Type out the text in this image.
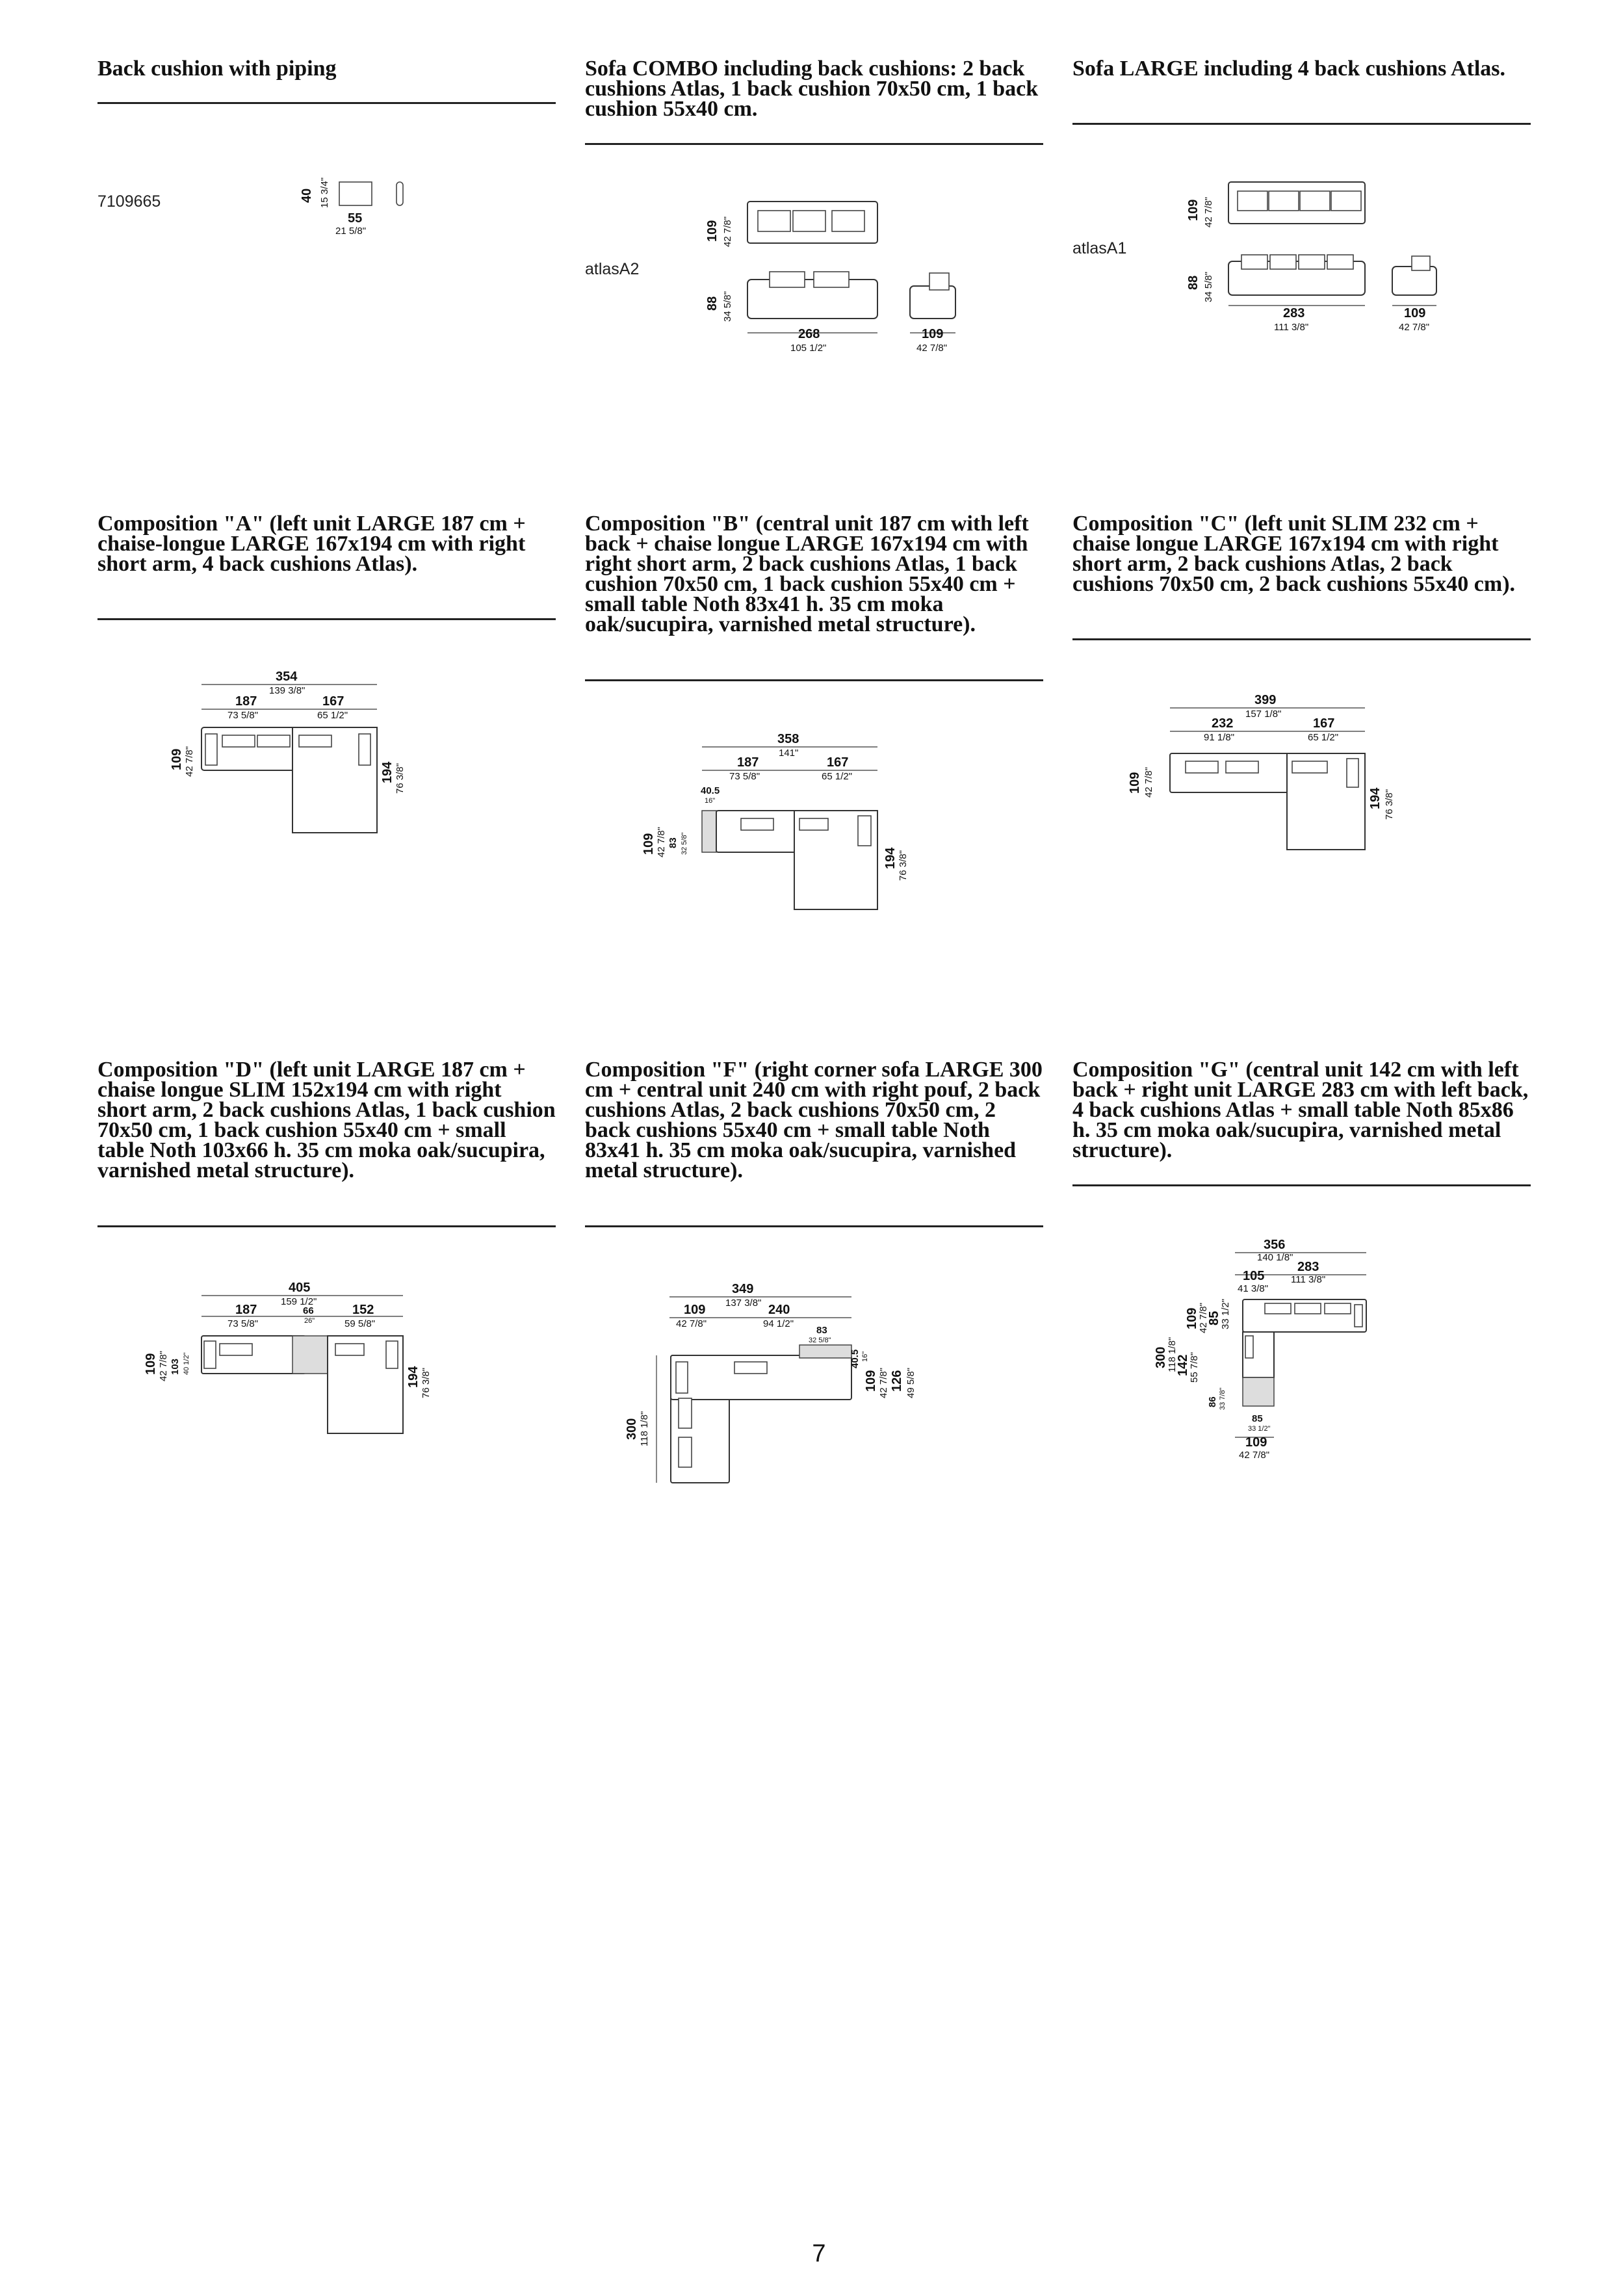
Back cushion with piping

7109665	40 15 3/4"
55
21 5/8"

Sofa COMBO including back cushions: 2 back cushions Atlas, 1 back cushion 70x50 cm, 1 back cushion 55x40 cm.

atlasA2
109 42 7/8"
88 34 5/8"
268
105 1/2"
109
42 7/8"

Sofa LARGE including 4 back cushions Atlas.

atlasA1
109 42 7/8"
88 34 5/8"
283
111 3/8"
109
42 7/8"

Composition "A" (left unit LARGE 187 cm + chaise-longue LARGE 167x194 cm with right short arm, 4 back cushions Atlas).

354
139 3/8"
187
73 5/8"
167
65 1/2"
109 42 7/8"	194 76 3/8"

Composition "B" (central unit 187 cm with left back + chaise longue LARGE 167x194 cm with right short arm, 2 back cushions Atlas, 1 back cushion 70x50 cm, 1 back cushion 55x40 cm + small table Noth 83x41 h. 35 cm moka oak/sucupira, varnished metal structure).

358
141"
187
73 5/8"
167
65 1/2"
40.5
16"
109 42 7/8" 83 32 5/8"
194 76 3/8"

Composition "C" (left unit SLIM 232 cm + chaise longue LARGE 167x194 cm with right short arm, 2 back cushions Atlas, 2 back cushions 70x50 cm, 2 back cushions 55x40 cm).

399
157 1/8"
232
91 1/8"
167
65 1/2"
109 42 7/8"
194 76 3/8"

Composition "D" (left unit LARGE 187 cm + chaise longue SLIM 152x194 cm with right short arm, 2 back cushions Atlas, 1 back cushion 70x50 cm, 1 back cushion 55x40 cm + small table Noth 103x66 h. 35 cm moka oak/sucupira, varnished metal structure).

405
159 1/2"
187
73 5/8"
66
26"
152
59 5/8"
109 42 7/8" 103 40 1/2"
194 76 3/8"

Composition "F" (right corner sofa LARGE 300 cm + central unit 240 cm with right pouf, 2 back cushions Atlas, 2 back cushions 70x50 cm, 2 back cushions 55x40 cm + small table Noth 83x41 h. 35 cm moka oak/sucupira, varnished metal structure).

349
137 3/8"
109
42 7/8"
240
94 1/2"
83
32 5/8"
40.5 16"
109 42 7/8" 126 49 5/8"
300 118 1/8"

Composition "G" (central unit 142 cm with left back + right unit LARGE 283 cm with left back, 4 back cushions Atlas + small table Noth 85x86 h. 35 cm moka oak/sucupira, varnished metal structure).

356
140 1/8"
105
41 3/8"
283
111 3/8"
109
42 7/8"
85
33 1/2"
300
118 1/8"
142
55 7/8"
86 33 7/8"
85
33 1/2"
109
42 7/8"
7
